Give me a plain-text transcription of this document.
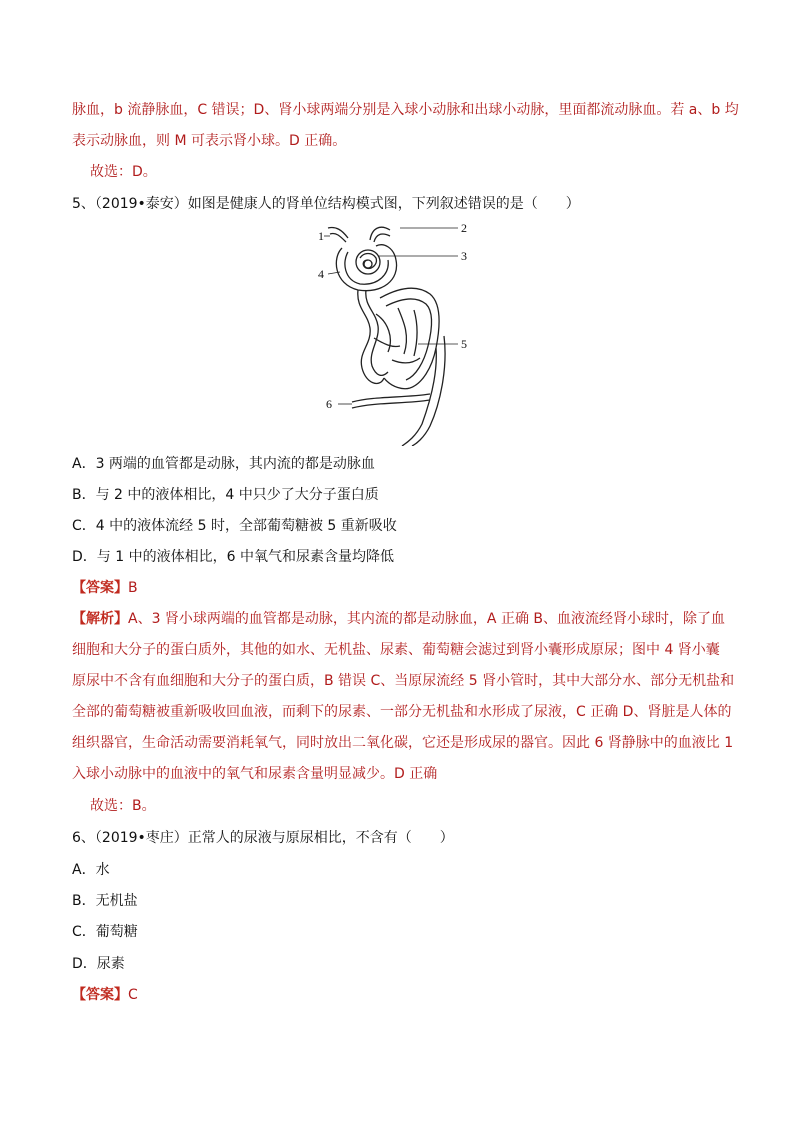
脉血，b 流静脉血，C 错误；D、肾小球两端分别是入球小动脉和出球小动脉，里面都流动脉血。若 a、b 均
表示动脉血，则 M 可表示肾小球。D 正确。
故选：D。
5、（2019•泰安）如图是健康人的肾单位结构模式图，下列叙述错误的是（　　）
1
2
3
4
5
6
A．3 两端的血管都是动脉，其内流的都是动脉血
B．与 2 中的液体相比，4 中只少了大分子蛋白质
C．4 中的液体流经 5 时，全部葡萄糖被 5 重新吸收
D．与 1 中的液体相比，6 中氧气和尿素含量均降低
【答案】B
【解析】A、3 肾小球两端的血管都是动脉，其内流的都是动脉血，A 正确 B、血液流经肾小球时，除了血
细胞和大分子的蛋白质外，其他的如水、无机盐、尿素、葡萄糖会滤过到肾小囊形成原尿；图中 4 肾小囊
原尿中不含有血细胞和大分子的蛋白质，B 错误 C、当原尿流经 5 肾小管时，其中大部分水、部分无机盐和
全部的葡萄糖被重新吸收回血液，而剩下的尿素、一部分无机盐和水形成了尿液，C 正确 D、肾脏是人体的
组织器官，生命活动需要消耗氧气，同时放出二氧化碳，它还是形成尿的器官。因此 6 肾静脉中的血液比 1
入球小动脉中的血液中的氧气和尿素含量明显减少。D 正确
故选：B。
6、（2019•枣庄）正常人的尿液与原尿相比，不含有（　　）
A．水
B．无机盐
C．葡萄糖
D．尿素
【答案】C
